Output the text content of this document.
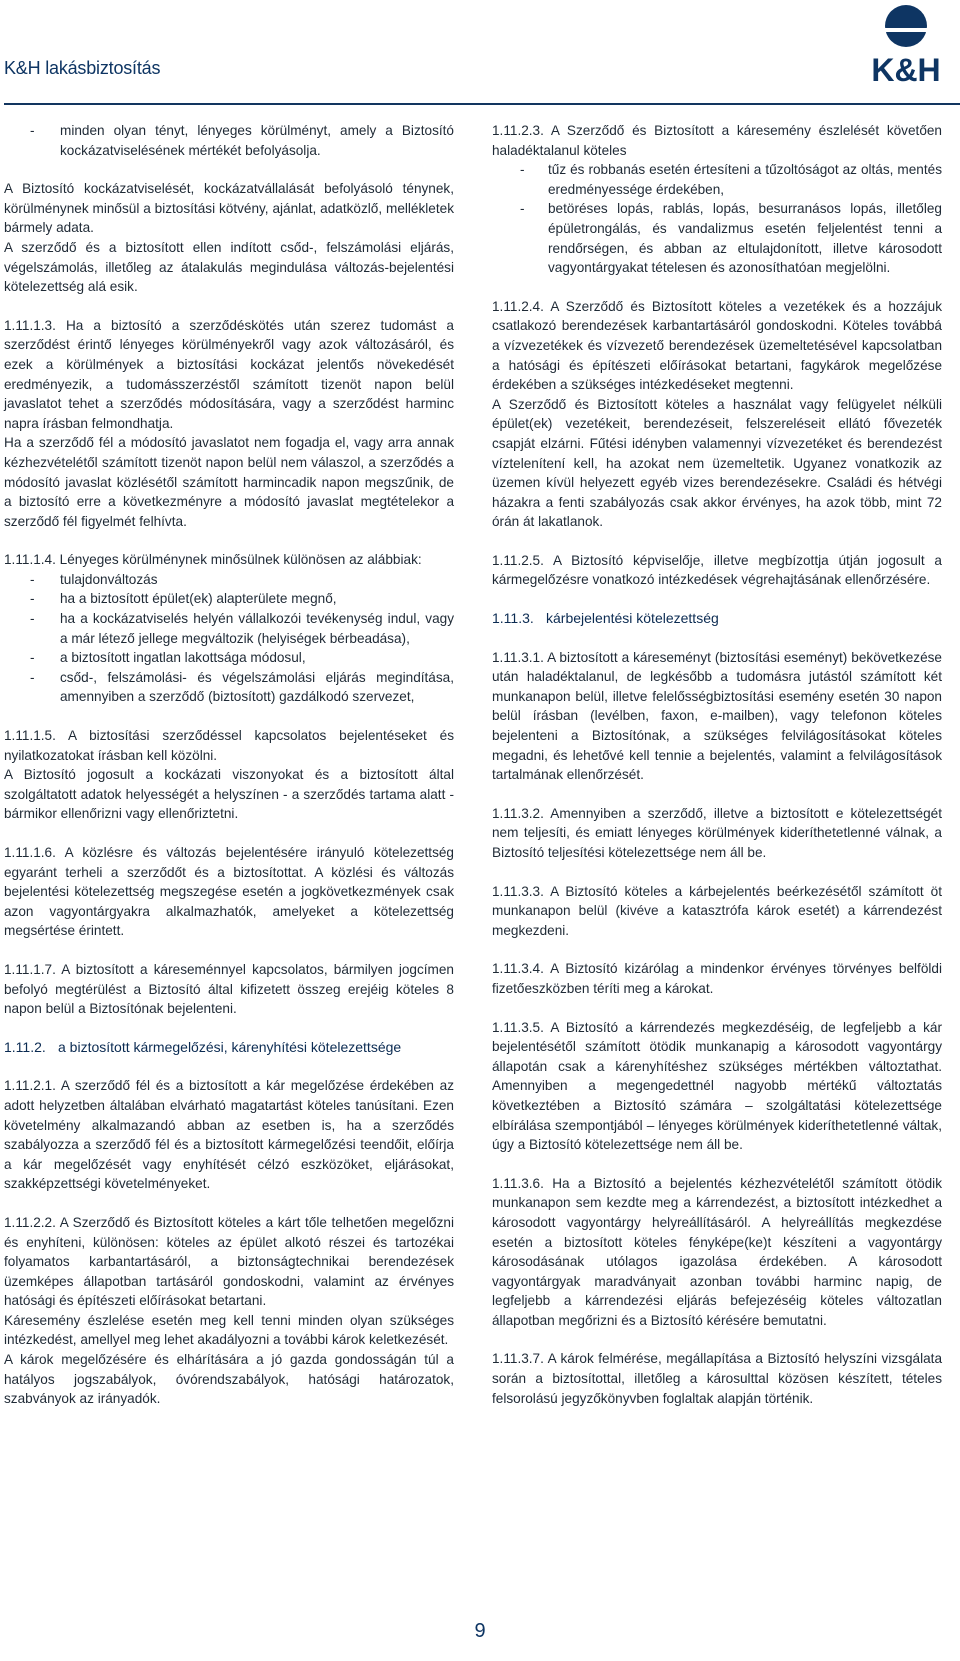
K&H lakásbiztosítás	K&H
- minden olyan tényt, lényeges körülményt, amely a Biztosító kockázatviselésének mértékét befolyásolja.

A Biztosító kockázatviselését, kockázatvállalását befolyásoló ténynek, körülménynek minősül a biztosítási kötvény, ajánlat, adatközlő, mellékletek bármely adata.

A szerződő és a biztosított ellen indított csőd-, felszámolási eljárás, végelszámolás, illetőleg az átalakulás megindulása változás-bejelentési kötelezettség alá esik.

1.11.1.3. Ha a biztosító a szerződéskötés után szerez tudomást a szerződést érintő lényeges körülményekről vagy azok változásáról, és ezek a körülmények a biztosítási kockázat jelentős növekedését eredményezik, a tudomásszerzéstől számított tizenöt napon belül javaslatot tehet a szerződés módosítására, vagy a szerződést harminc napra írásban felmondhatja.

Ha a szerződő fél a módosító javaslatot nem fogadja el, vagy arra annak kézhezvételétől számított tizenöt napon belül nem válaszol, a szerződés a módosító javaslat közlésétől számított harmincadik napon megszűnik, de a biztosító erre a következményre a módosító javaslat megtételekor a szerződő fél figyelmét felhívta.

1.11.1.4. Lényeges körülménynek minősülnek különösen az alábbiak:

- tulajdonváltozás
- ha a biztosított épület(ek) alapterülete megnő,
- ha a kockázatviselés helyén vállalkozói tevékenység indul, vagy a már létező jellege megváltozik (helyiségek bérbeadása),
- a biztosított ingatlan lakottsága módosul,
- csőd-, felszámolási- és végelszámolási eljárás megindítása, amennyiben a szerződő (biztosított) gazdálkodó szervezet,

1.11.1.5. A biztosítási szerződéssel kapcsolatos bejelentéseket és nyilatkozatokat írásban kell közölni.

A Biztosító jogosult a kockázati viszonyokat és a biztosított által szolgáltatott adatok helyességét a helyszínen - a szerződés tartama alatt - bármikor ellenőrizni vagy ellenőriztetni.

1.11.1.6. A közlésre és változás bejelentésére irányuló kötelezettség egyaránt terheli a szerződőt és a biztosítottat. A közlési és változás bejelentési kötelezettség megszegése esetén a jogkövetkezmények csak azon vagyontárgyakra alkalmazhatók, amelyeket a kötelezettség megsértése érintett.

1.11.1.7. A biztosított a káreseménnyel kapcsolatos, bármilyen jogcímen befolyó megtérülést a Biztosító által kifizetett összeg erejéig köteles 8 napon belül a Biztosítónak bejelenteni.

1.11.2. a biztosított kármegelőzési, kárenyhítési kötelezettsége

1.11.2.1. A szerződő fél és a biztosított a kár megelőzése érdekében az adott helyzetben általában elvárható magatartást köteles tanúsítani. Ezen követelmény alkalmazandó abban az esetben is, ha a szerződés szabályozza a szerződő fél és a biztosított kármegelőzési teendőit, előírja a kár megelőzését vagy enyhítését célzó eszközöket, eljárásokat, szakképzettségi követelményeket.

1.11.2.2. A Szerződő és Biztosított köteles a kárt tőle telhetően megelőzni és enyhíteni, különösen: köteles az épület alkotó részei és tartozékai folyamatos karbantartásáról, a biztonságtechnikai berendezések üzemképes állapotban tartásáról gondoskodni, valamint az érvényes hatósági és építészeti előírásokat betartani.

Káresemény észlelése esetén meg kell tenni minden olyan szükséges intézkedést, amellyel meg lehet akadályozni a további károk keletkezését.

A károk megelőzésére és elhárítására a jó gazda gondosságán túl a hatályos jogszabályok, óvórendszabályok, hatósági határozatok, szabványok az irányadók.

1.11.2.3. A Szerződő és Biztosított a káresemény észlelését követően haladéktalanul köteles

- tűz és robbanás esetén értesíteni a tűzoltóságot az oltás, mentés eredményessége érdekében,
- betöréses lopás, rablás, lopás, besurranásos lopás, illetőleg épületrongálás, és vandalizmus esetén feljelentést tenni a rendőrségen, és abban az eltulajdonított, illetve károsodott vagyontárgyakat tételesen és azonosíthatóan megjelölni.

1.11.2.4. A Szerződő és Biztosított köteles a vezetékek és a hozzájuk csatlakozó berendezések karbantartásáról gondoskodni. Köteles továbbá a vízvezetékek és vízvezető berendezések üzemeltetésével kapcsolatban a hatósági és építészeti előírásokat betartani, fagykárok megelőzése érdekében a szükséges intézkedéseket megtenni.

A Szerződő és Biztosított köteles a használat vagy felügyelet nélküli épület(ek) vezetékeit, berendezéseit, felszereléseit ellátó fővezeték csapját elzárni. Fűtési idényben valamennyi vízvezetéket és berendezést víztelenítení kell, ha azokat nem üzemeltetik. Ugyanez vonatkozik az üzemen kívül helyezett egyéb vizes berendezésekre. Családi és hétvégi házakra a fenti szabályozás csak akkor érvényes, ha azok több, mint 72 órán át lakatlanok.

1.11.2.5. A Biztosító képviselője, illetve megbízottja útján jogosult a kármegelőzésre vonatkozó intézkedések végrehajtásának ellenőrzésére.

1.11.3. kárbejelentési kötelezettség

1.11.3.1. A biztosított a káreseményt (biztosítási eseményt) bekövetkezése után haladéktalanul, de legkésőbb a tudomásra jutástól számított két munkanapon belül, illetve felelősségbiztosítási esemény esetén 30 napon belül írásban (levélben, faxon, e-mailben), vagy telefonon köteles bejelenteni a Biztosítónak, a szükséges felvilágosításokat köteles megadni, és lehetővé kell tennie a bejelentés, valamint a felvilágosítások tartalmának ellenőrzését.

1.11.3.2. Amennyiben a szerződő, illetve a biztosított e kötelezettségét nem teljesíti, és emiatt lényeges körülmények kideríthetetlenné válnak, a Biztosító teljesítési kötelezettsége nem áll be.

1.11.3.3. A Biztosító köteles a kárbejelentés beérkezésétől számított öt munkanapon belül (kivéve a katasztrófa károk esetét) a kárrendezést megkezdeni.

1.11.3.4. A Biztosító kizárólag a mindenkor érvényes törvényes belföldi fizetőeszközben téríti meg a károkat.

1.11.3.5. A Biztosító a kárrendezés megkezdéséig, de legfeljebb a kár bejelentésétől számított ötödik munkanapig a károsodott vagyontárgy állapotán csak a kárenyhítéshez szükséges mértékben változtathat. Amennyiben a megengedettnél nagyobb mértékű változtatás következtében a Biztosító számára – szolgáltatási kötelezettsége elbírálása szempontjából – lényeges körülmények kideríthetetlenné váltak, úgy a Biztosító kötelezettsége nem áll be.

1.11.3.6. Ha a Biztosító a bejelentés kézhezvételétől számított ötödik munkanapon sem kezdte meg a kárrendezést, a biztosított intézkedhet a károsodott vagyontárgy helyreállításáról. A helyreállítás megkezdése esetén a biztosított köteles fényképe(ke)t készíteni a vagyontárgy károsodásának utólagos igazolása érdekében. A károsodott vagyontárgyak maradványait azonban további harminc napig, de legfeljebb a kárrendezési eljárás befejezéséig köteles változatlan állapotban megőrizni és a Biztosító kérésére bemutatni.

1.11.3.7. A károk felmérése, megállapítása a Biztosító helyszíni vizsgálata során a biztosítottal, illetőleg a károsulttal közösen készített, tételes felsorolású jegyzőkönyvben foglaltak alapján történik.

9
